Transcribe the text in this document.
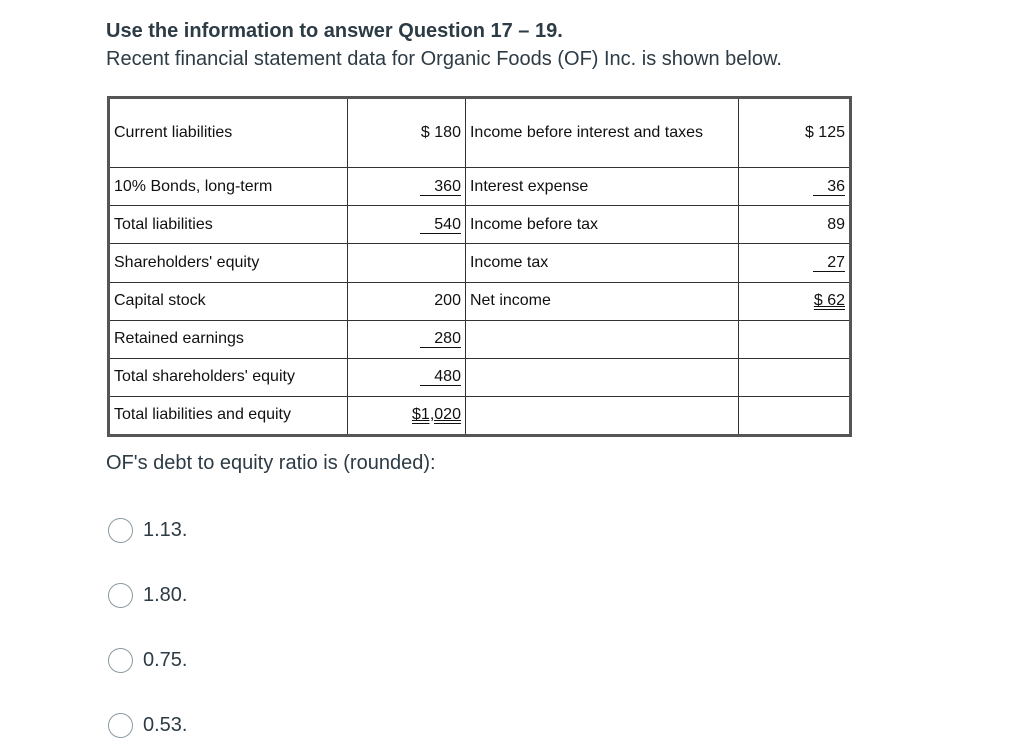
Use the information to answer Question 17 – 19.
Recent financial statement data for Organic Foods (OF) Inc. is shown below.
Current liabilities	$ 180	Income before interest and taxes	$ 125
10% Bonds, long-term	360	Interest expense	36
Total liabilities	540	Income before tax	89
Shareholders' equity		Income tax	27
Capital stock	200	Net income	$ 62
Retained earnings	280		
Total shareholders' equity	480		
Total liabilities and equity	$1,020		
OF's debt to equity ratio is (rounded):
1.13.
1.80.
0.75.
0.53.
